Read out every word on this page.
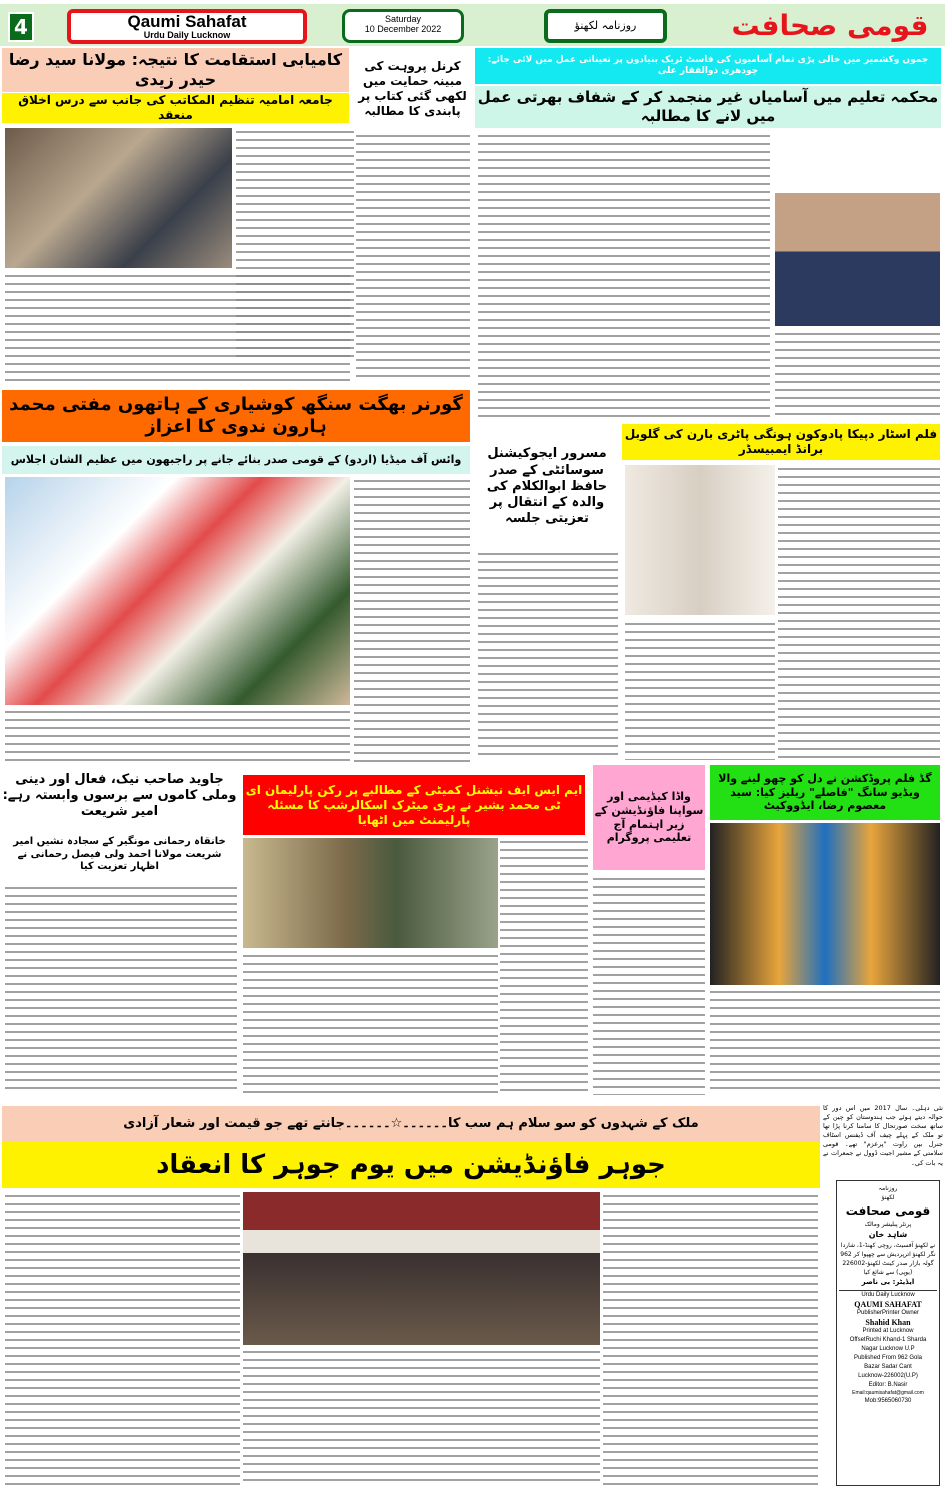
4	Qaumi Sahafat
Urdu Daily Lucknow
Saturday
10 December 2022	روزنامہ لکھنؤ	قومی صحافت
کامیابی استقامت کا نتیجہ: مولانا سید رضا حیدر زیدی
جامعہ امامیہ تنظیم المکاتب کی جانب سے درس اخلاق منعقد
کرنل پروہت کی مبینہ حمایت میں لکھی گئی کتاب پر پابندی کا مطالبہ
جموں وکشمیر میں خالی پڑی تمام آسامیوں کی فاسٹ ٹریک بنیادوں پر تعیناتی عمل میں لائی جائے: چودھری ذوالفقار علی
محکمہ تعلیم میں آسامیاں غیر منجمد کر کے شفاف بھرتی عمل میں لانے کا مطالبہ
گورنر بھگت سنگھ کوشیاری کے ہاتھوں مفتی محمد ہارون ندوی کا اعزاز
وائس آف میڈیا (اردو) کے قومی صدر بنائے جانے پر راجبھون میں عظیم الشان اجلاس	مسرور ایجوکیشنل سوسائٹی کے صدر حافظ ابوالکلام کی والدہ کے انتقال پر تعزیتی جلسہ
فلم اسٹار دپیکا پادوکون ہونگی پاٹری بارن کی گلوبل برانڈ ایمبیسڈر
جاوید صاحب نیک، فعال اور دینی وملی کاموں سے برسوں وابستہ رہے: امیر شریعت
خانقاہ رحمانی مونگیر کے سجادہ نشیں امیر شریعت مولانا احمد ولی فیصل رحمانی نے اظہار تعزیت کیا
ایم ایس ایف نیشنل کمیٹی کے مطالبے پر رکن پارلیمان ای ٹی محمد بشیر نے پری میٹرک اسکالرشپ کا مسئلہ پارلیمنٹ میں اٹھایا
واڈا کیڈیمی اور سواپنا فاؤنڈیشن کے زیر اہتمام آج تعلیمی پروگرام
گڈ فلم پروڈکشن نے دل کو چھو لینے والا ویڈیو سانگ "فاصلے" ریلیز کیا: سید معصوم رضا، ایڈووکیٹ
ملک کے شہدوں کو سو سلام ہم سب کا۔۔۔۔۔۔☆۔۔۔۔۔۔جانتے تھے جو قیمت اور شعار آزادی
جوہر فاؤنڈیشن میں یوم جوہر کا انعقاد
نئی دہلی۔ سال 2017 میں اس دور کا حوالہ دیتے ہوئے جب ہندوستان کو چین کے ساتھ سخت صورتحال کا سامنا کرنا پڑا تھا تو ملک کے پہلے چیف آف ڈیفنس اسٹاف جنرل بپن راوت "پرعزم" تھے۔ قومی سلامتی کے مشیر اجیت ڈوول نے جمعرات نے یہ بات کی۔
روزنامہ
لکھنؤ
قومی صحافت
پرنٹر پبلیشر ومالک
شاہد خان
نے لکھنؤ آفسیٹ، روچی کھنڈ-1، شاردا نگر لکھنؤ اترپردیش سے چھپوا کر 962 گولہ بازار صدر کینٹ لکھنؤ-226002
(یوپی) سے شائع کیا
ایڈیٹر: بی ناصر
Urdu Daily Lucknow
QAUMI SAHAFAT
PublisherPrinter Owner
Shahid Khan
Printed at Lucknow
OffsetRuchi Khand-1 Sharda
Nagar Lucknow U.P
Published From 962 Gola
Bazar Sadar Cant
Lucknow-226002(U.P)
Editor: B.Nasir
Email:qaumisahafat@gmail.com
Mob:9565060730
